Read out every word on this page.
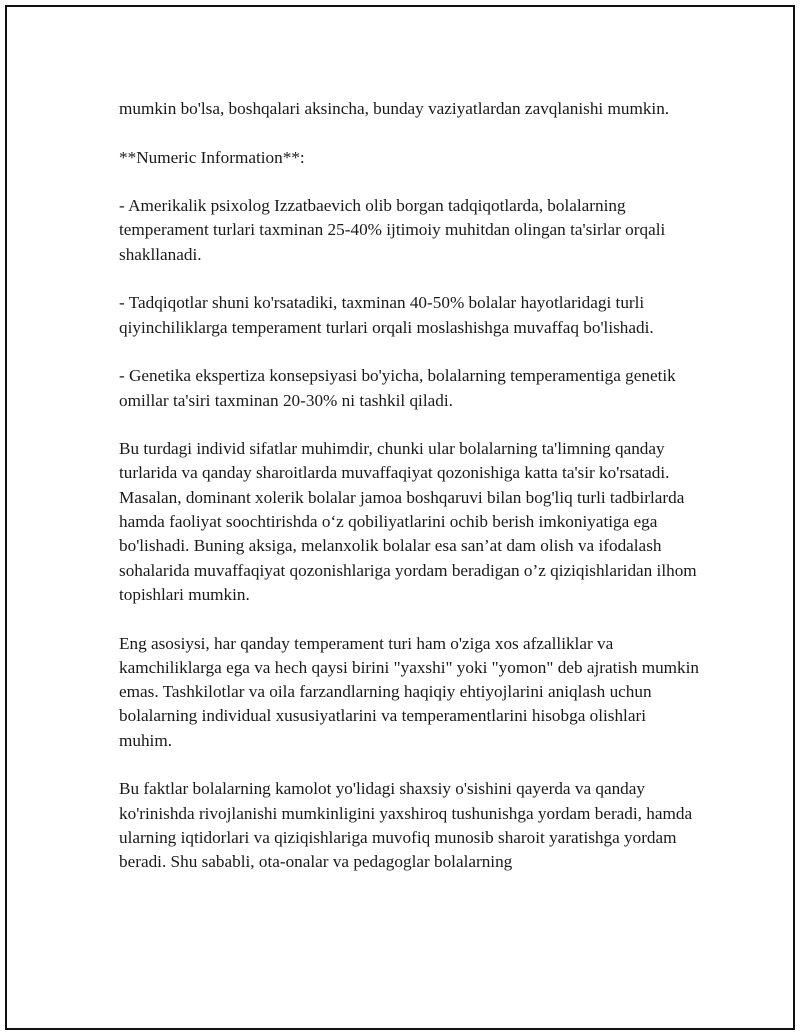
mumkin bo'lsa, boshqalari aksincha, bunday vaziyatlardan zavqlanishi mumkin.

**Numeric Information**:

- Amerikalik psixolog Izzatbaevich olib borgan tadqiqotlarda, bolalarning temperament turlari taxminan 25-40% ijtimoiy muhitdan olingan ta'sirlar orqali shakllanadi.

- Tadqiqotlar shuni ko'rsatadiki, taxminan 40-50% bolalar hayotlaridagi turli qiyinchiliklarga temperament turlari orqali moslashishga muvaffaq bo'lishadi.

- Genetika ekspertiza konsepsiyasi bo'yicha, bolalarning temperamentiga genetik omillar ta'siri taxminan 20-30% ni tashkil qiladi.

Bu turdagi individ sifatlar muhimdir, chunki ular bolalarning ta'limning qanday turlarida va qanday sharoitlarda muvaffaqiyat qozonishiga katta ta'sir ko'rsatadi. Masalan, dominant xolerik bolalar jamoa boshqaruvi bilan bog'liq turli tadbirlarda hamda faoliyat soochtirishda o‘z qobiliyatlarini ochib berish imkoniyatiga ega bo'lishadi. Buning aksiga, melanxolik bolalar esa san’at dam olish va ifodalash sohalarida muvaffaqiyat qozonishlariga yordam beradigan o’z qiziqishlaridan ilhom topishlari mumkin.

Eng asosiysi, har qanday temperament turi ham o'ziga xos afzalliklar va kamchiliklarga ega va hech qaysi birini "yaxshi" yoki "yomon" deb ajratish mumkin emas. Tashkilotlar va oila farzandlarning haqiqiy ehtiyojlarini aniqlash uchun bolalarning individual xususiyatlarini va temperamentlarini hisobga olishlari muhim.

Bu faktlar bolalarning kamolot yo'lidagi shaxsiy o'sishini qayerda va qanday ko'rinishda rivojlanishi mumkinligini yaxshiroq tushunishga yordam beradi, hamda ularning iqtidorlari va qiziqishlariga muvofiq munosib sharoit yaratishga yordam beradi. Shu sababli, ota-onalar va pedagoglar bolalarning
